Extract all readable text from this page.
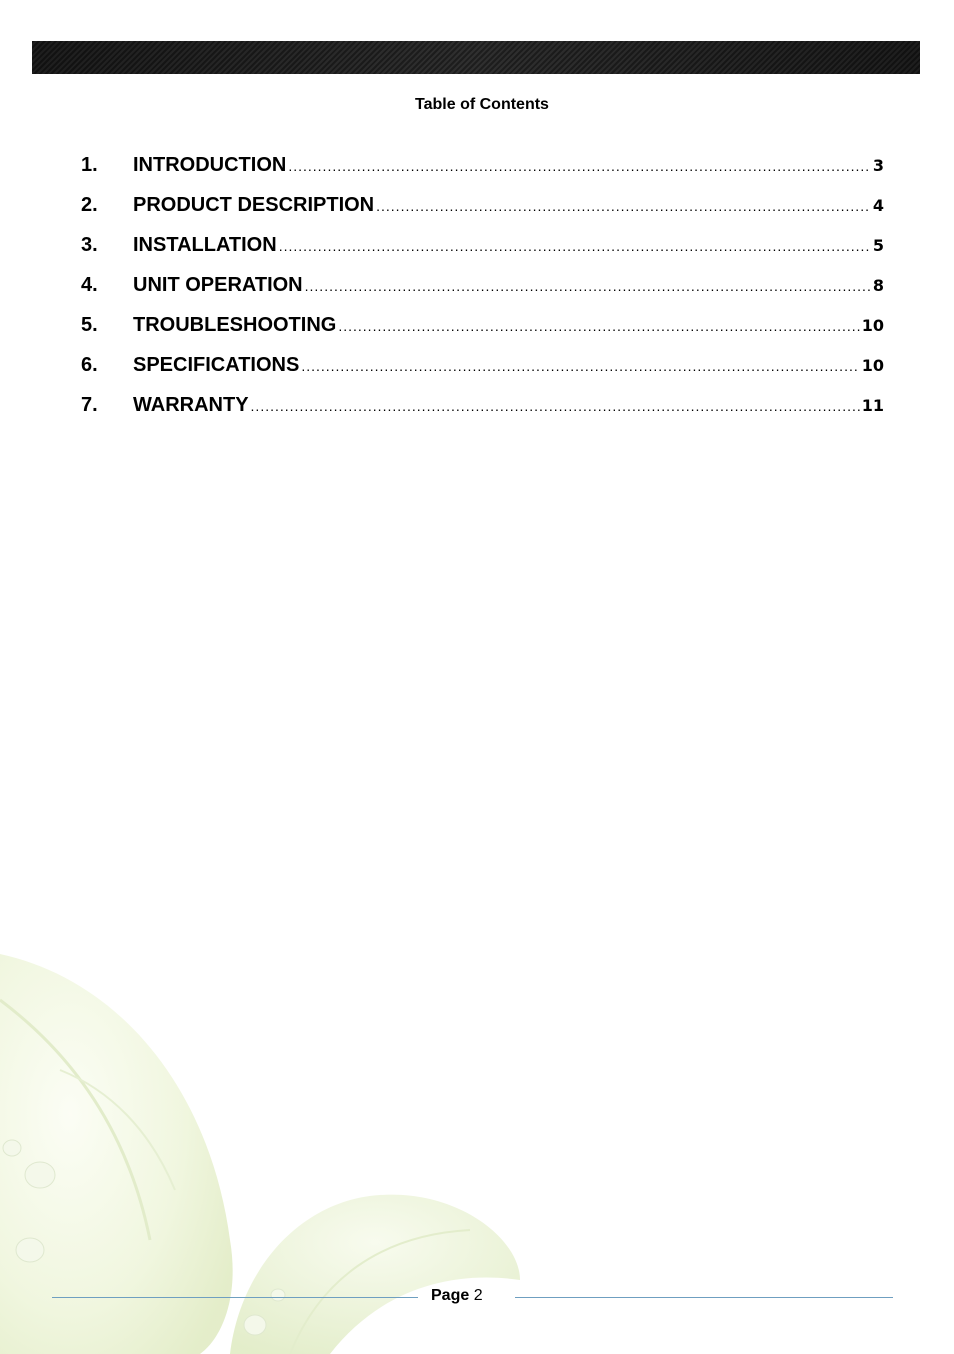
Table of Contents
1.	INTRODUCTION .....	3
2.	PRODUCT DESCRIPTION .....	4
3.	INSTALLATION .....	5
4.	UNIT OPERATION .....	8
5.	TROUBLESHOOTING .....	10
6.	SPECIFICATIONS .....	10
7.	WARRANTY .....	11
Page 2
